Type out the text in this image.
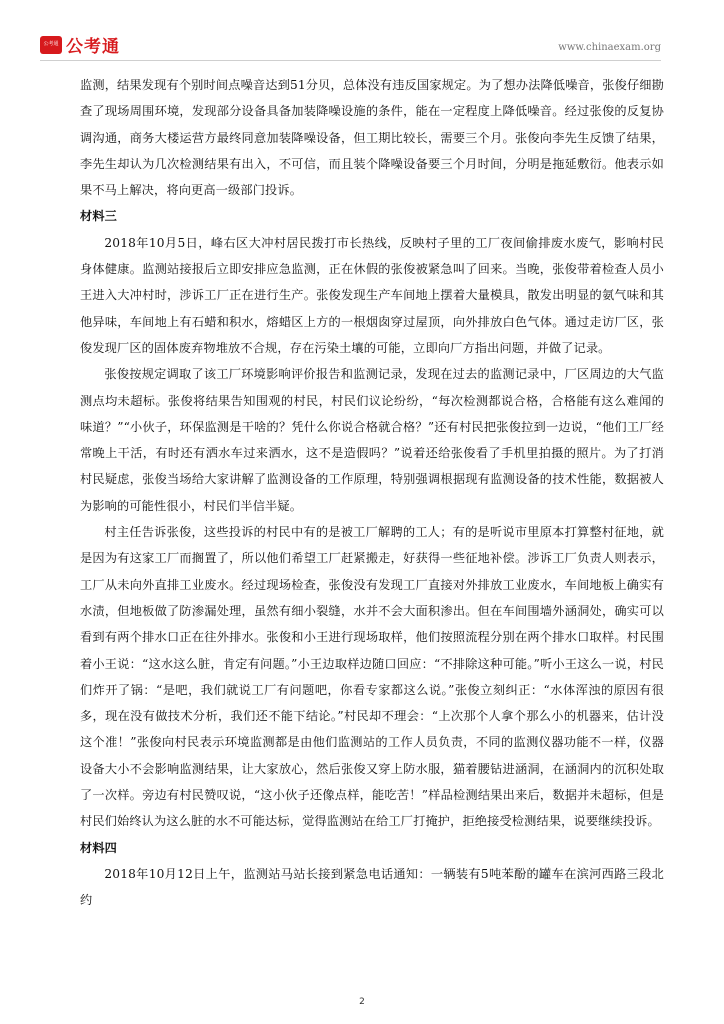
公考通 公考通	www.chinaexam.org

监测，结果发现有个别时间点噪音达到51分贝，总体没有违反国家规定。为了想办法降低噪音，张俊仔细勘查了现场周围环境，发现部分设备具备加装降噪设施的条件，能在一定程度上降低噪音。经过张俊的反复协调沟通，商务大楼运营方最终同意加装降噪设备，但工期比较长，需要三个月。张俊向李先生反馈了结果，李先生却认为几次检测结果有出入，不可信，而且装个降噪设备要三个月时间，分明是拖延敷衍。他表示如果不马上解决，将向更高一级部门投诉。

材料三

2018年10月5日，峰右区大冲村居民拨打市长热线，反映村子里的工厂夜间偷排废水废气，影响村民身体健康。监测站接报后立即安排应急监测，正在休假的张俊被紧急叫了回来。当晚，张俊带着检查人员小王进入大冲村时，涉诉工厂正在进行生产。张俊发现生产车间地上摆着大量模具，散发出明显的氨气味和其他异味，车间地上有石蜡和积水，熔蜡区上方的一根烟囱穿过屋顶，向外排放白色气体。通过走访厂区，张俊发现厂区的固体废弃物堆放不合规，存在污染土壤的可能，立即向厂方指出问题，并做了记录。

张俊按规定调取了该工厂环境影响评价报告和监测记录，发现在过去的监测记录中，厂区周边的大气监测点均未超标。张俊将结果告知围观的村民，村民们议论纷纷，“每次检测都说合格，合格能有这么难闻的味道？”“小伙子，环保监测是干啥的？凭什么你说合格就合格？”还有村民把张俊拉到一边说，“他们工厂经常晚上干活，有时还有洒水车过来洒水，这不是造假吗？”说着还给张俊看了手机里拍摄的照片。为了打消村民疑虑，张俊当场给大家讲解了监测设备的工作原理，特别强调根据现有监测设备的技术性能，数据被人为影响的可能性很小，村民们半信半疑。

村主任告诉张俊，这些投诉的村民中有的是被工厂解聘的工人；有的是听说市里原本打算整村征地，就是因为有这家工厂而搁置了，所以他们希望工厂赶紧搬走，好获得一些征地补偿。涉诉工厂负责人则表示，工厂从未向外直排工业废水。经过现场检查，张俊没有发现工厂直接对外排放工业废水，车间地板上确实有水渍，但地板做了防渗漏处理，虽然有细小裂缝，水并不会大面积渗出。但在车间围墙外涵洞处，确实可以看到有两个排水口正在往外排水。张俊和小王进行现场取样，他们按照流程分别在两个排水口取样。村民围着小王说：“这水这么脏，肯定有问题。”小王边取样边随口回应：“不排除这种可能。”听小王这么一说，村民们炸开了锅：“是吧，我们就说工厂有问题吧，你看专家都这么说。”张俊立刻纠正：“水体浑浊的原因有很多，现在没有做技术分析，我们还不能下结论。”村民却不理会：“上次那个人拿个那么小的机器来，估计没这个准！”张俊向村民表示环境监测都是由他们监测站的工作人员负责，不同的监测仪器功能不一样，仪器设备大小不会影响监测结果，让大家放心，然后张俊又穿上防水服，猫着腰钻进涵洞，在涵洞内的沉积处取了一次样。旁边有村民赞叹说，“这小伙子还像点样，能吃苦！”样品检测结果出来后，数据并未超标，但是村民们始终认为这么脏的水不可能达标，觉得监测站在给工厂打掩护，拒绝接受检测结果，说要继续投诉。

材料四

2018年10月12日上午，监测站马站长接到紧急电话通知：一辆装有5吨苯酚的罐车在滨河西路三段北约

2
